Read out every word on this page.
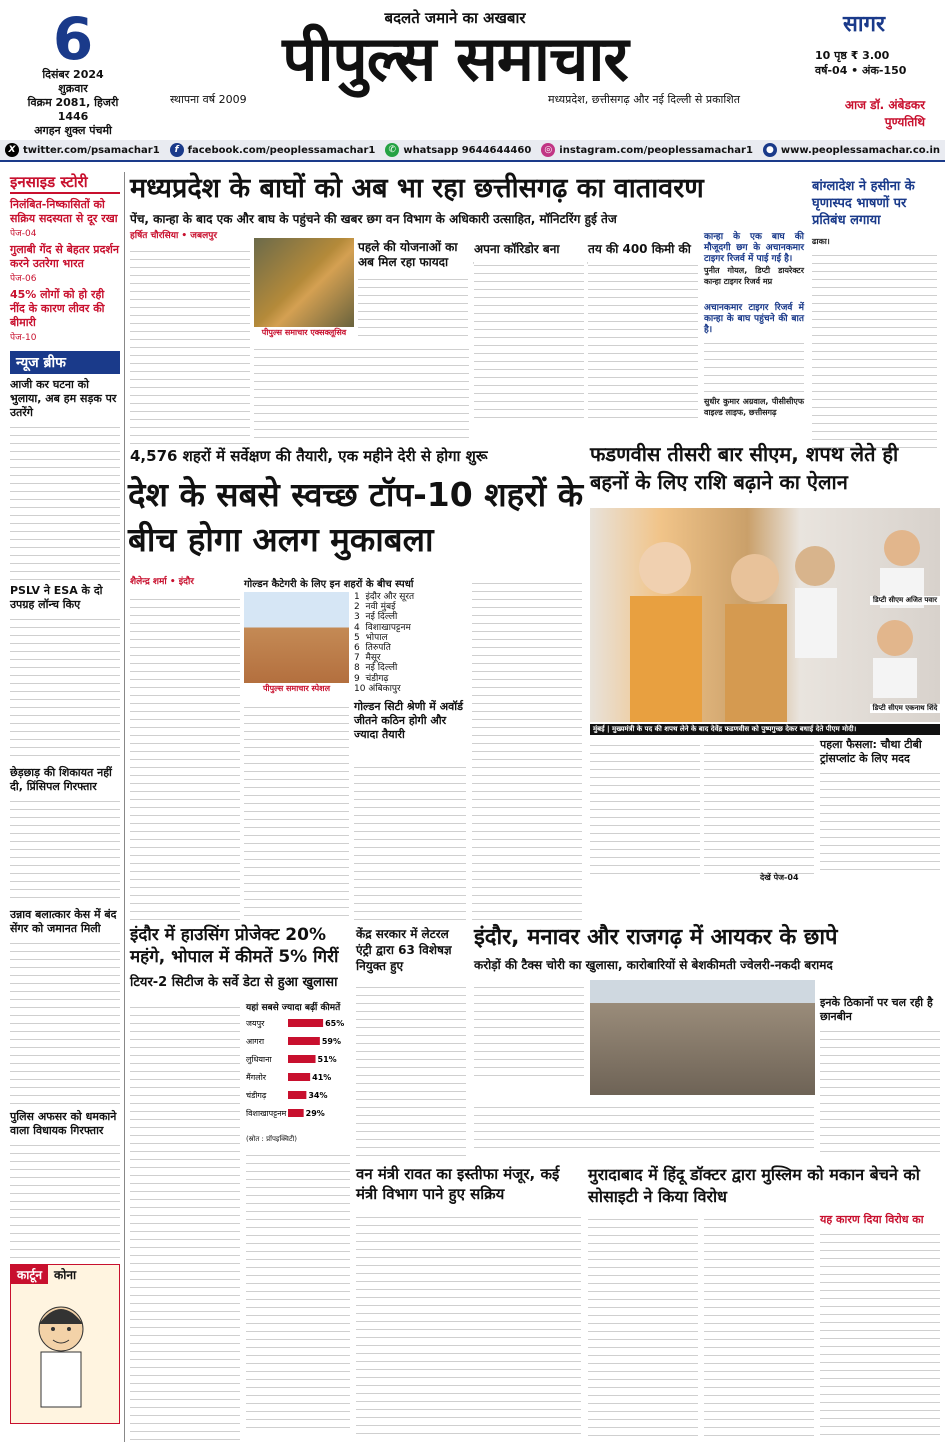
6
दिसंबर 2024
शुक्रवार
विक्रम 2081, हिजरी 1446
अगहन शुक्ल पंचमी
बदलते जमाने का अखबार
पीपुल्स समाचार
स्थापना वर्ष 2009	मध्यप्रदेश, छत्तीसगढ़ और नई दिल्ली से प्रकाशित
सागर
10 पृष्ठ ₹ 3.00
वर्ष-04 • अंक-150
आज डॉ. अंबेडकर पुण्यतिथि
X twitter.com/psamachar1	f facebook.com/peoplessamachar1	✆ whatsapp 9644644460	◎ instagram.com/peoplessamachar1	● www.peoplessamachar.co.in
इनसाइड स्टोरी
निलंबित-निष्कासितों को सक्रिय सदस्यता से दूर रखा
पेज-04
गुलाबी गेंद से बेहतर प्रदर्शन करने उतरेगा भारत
पेज-06
45% लोगों को हो रही नींद के कारण लीवर की बीमारी
पेज-10
न्यूज ब्रीफ
आजी कर घटना को भुलाया, अब हम सड़क पर उतरेंगे
PSLV ने ESA के दो उपग्रह लॉन्च किए
छेड़छाड़ की शिकायत नहीं दी, प्रिंसिपल गिरफ्तार
उन्नाव बलात्कार केस में बंद सेंगर को जमानत मिली
पुलिस अफसर को धमकाने वाला विधायक गिरफ्तार
कार्टून	कोना
मध्यप्रदेश के बाघों को अब भा रहा छत्तीसगढ़ का वातावरण
पेंच, कान्हा के बाद एक और बाघ के पहुंचने की खबर छग वन विभाग के अधिकारी उत्साहित, मॉनिटरिंग हुई तेज
हर्षित चौरसिया • जबलपुर
पीपुल्स समाचार एक्सक्लूसिव
पहले की योजनाओं का अब मिल रहा फायदा
अपना कॉरिडोर बना	तय की 400 किमी की
कान्हा के एक बाघ की मौजूदगी छग के अचानकमार टाइगर रिजर्व में पाई गई है।
पुनीत गोयल, डिप्टी डायरेक्टर कान्हा टाइगर रिजर्व मप्र
अचानकमार टाइगर रिजर्व में कान्हा के बाघ पहुंचने की बात है।
सुधीर कुमार अग्रवाल, पीसीसीएफ वाइल्ड लाइफ, छत्तीसगढ़
बांग्लादेश ने हसीना के घृणास्पद भाषणों पर प्रतिबंध लगाया
ढाका।
4,576 शहरों में सर्वेक्षण की तैयारी, एक महीने देरी से होगा शुरू
देश के सबसे स्वच्छ टॉप-10 शहरों के बीच होगा अलग मुकाबला
शैलेन्द्र शर्मा • इंदौर	गोल्डन कैटेगरी के लिए इन शहरों के बीच स्पर्धा
पीपुल्स समाचार स्पेशल
1  इंदौर और सूरत
2  नवी मुंबई
3  नई दिल्ली
4  विशाखापट्टनम
5  भोपाल
6  तिरुपति
7  मैसूर
8  नई दिल्ली
9  चंडीगढ़
10 अंबिकापुर
गोल्डन सिटी श्रेणी में अवॉर्ड जीतने कठिन होगी और ज्यादा तैयारी
फडणवीस तीसरी बार सीएम, शपथ लेते ही बहनों के लिए राशि बढ़ाने का ऐलान
डिप्टी सीएम अजित पवार
डिप्टी सीएम एकनाथ शिंदे
मुंबई | मुख्यमंत्री के पद की शपथ लेने के बाद देवेंद्र फडणवीस को पुष्पगुच्छ देकर बधाई देते पीएम मोदी।
देखें पेज-04
पहला फैसला: चौथा टीबी ट्रांसप्लांट के लिए मदद
इंदौर में हाउसिंग प्रोजेक्ट 20% महंगे, भोपाल में कीमतें 5% गिरीं
टियर-2 सिटीज के सर्वे डेटा से हुआ खुलासा
यहां सबसे ज्यादा बढ़ीं कीमतें
जयपुर	65%
आगरा	59%
लुधियाना	51%
मैंगलोर	41%
चंडीगढ़	34%
विशाखापट्टनम 29%
(स्रोत : प्रॉपइक्विटी)
केंद्र सरकार में लेटरल एंट्री द्वारा 63 विशेषज्ञ नियुक्त हुए
इंदौर, मनावर और राजगढ़ में आयकर के छापे
करोड़ों की टैक्स चोरी का खुलासा, कारोबारियों से बेशकीमती ज्वेलरी-नकदी बरामद
इनके ठिकानों पर चल रही है छानबीन
वन मंत्री रावत का इस्तीफा मंजूर, कई मंत्री विभाग पाने हुए सक्रिय
मुरादाबाद में हिंदू डॉक्टर द्वारा मुस्लिम को मकान बेचने को सोसाइटी ने किया विरोध
यह कारण दिया विरोध का
